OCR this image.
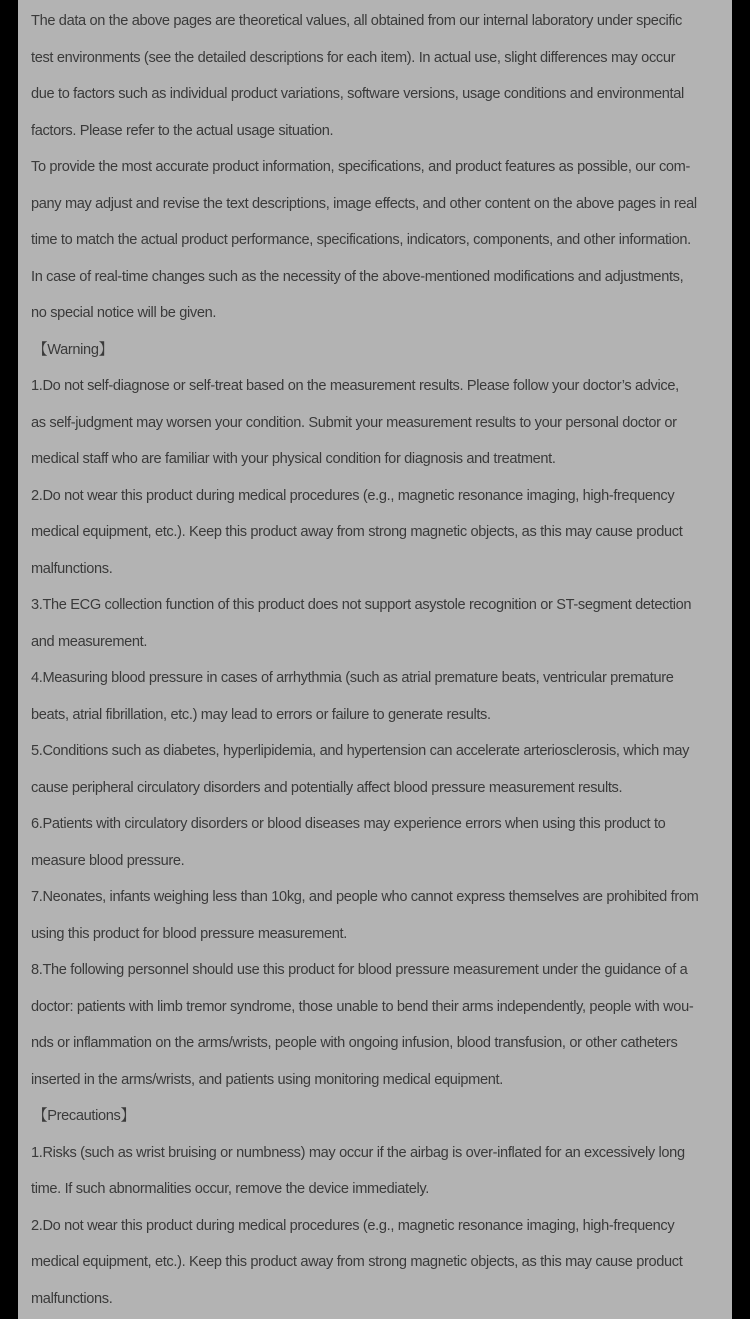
The data on the above pages are theoretical values, all obtained from our internal laboratory under specific
test environments (see the detailed descriptions for each item). In actual use, slight differences may occur
due to factors such as individual product variations, software versions, usage conditions and environmental
factors. Please refer to the actual usage situation.
To provide the most accurate product information, specifications, and product features as possible, our com-
pany may adjust and revise the text descriptions, image effects, and other content on the above pages in real
time to match the actual product performance, specifications, indicators, components, and other information.
In case of real-time changes such as the necessity of the above-mentioned modifications and adjustments,
no special notice will be given.
【Warning】
1.Do not self-diagnose or self-treat based on the measurement results. Please follow your doctor’s advice,
as self-judgment may worsen your condition. Submit your measurement results to your personal doctor or
medical staff who are familiar with your physical condition for diagnosis and treatment.
2.Do not wear this product during medical procedures (e.g., magnetic resonance imaging, high-frequency
medical equipment, etc.). Keep this product away from strong magnetic objects, as this may cause product
malfunctions.
3.The ECG collection function of this product does not support asystole recognition or ST-segment detection
and measurement.
4.Measuring blood pressure in cases of arrhythmia (such as atrial premature beats, ventricular premature
beats, atrial fibrillation, etc.) may lead to errors or failure to generate results.
5.Conditions such as diabetes, hyperlipidemia, and hypertension can accelerate arteriosclerosis, which may
cause peripheral circulatory disorders and potentially affect blood pressure measurement results.
6.Patients with circulatory disorders or blood diseases may experience errors when using this product to
measure blood pressure.
7.Neonates, infants weighing less than 10kg, and people who cannot express themselves are prohibited from
using this product for blood pressure measurement.
8.The following personnel should use this product for blood pressure measurement under the guidance of a
doctor: patients with limb tremor syndrome, those unable to bend their arms independently, people with wou-
nds or inflammation on the arms/wrists, people with ongoing infusion, blood transfusion, or other catheters
inserted in the arms/wrists, and patients using monitoring medical equipment.
【Precautions】
1.Risks (such as wrist bruising or numbness) may occur if the airbag is over-inflated for an excessively long
time. If such abnormalities occur, remove the device immediately.
2.Do not wear this product during medical procedures (e.g., magnetic resonance imaging, high-frequency
medical equipment, etc.). Keep this product away from strong magnetic objects, as this may cause product
malfunctions.
